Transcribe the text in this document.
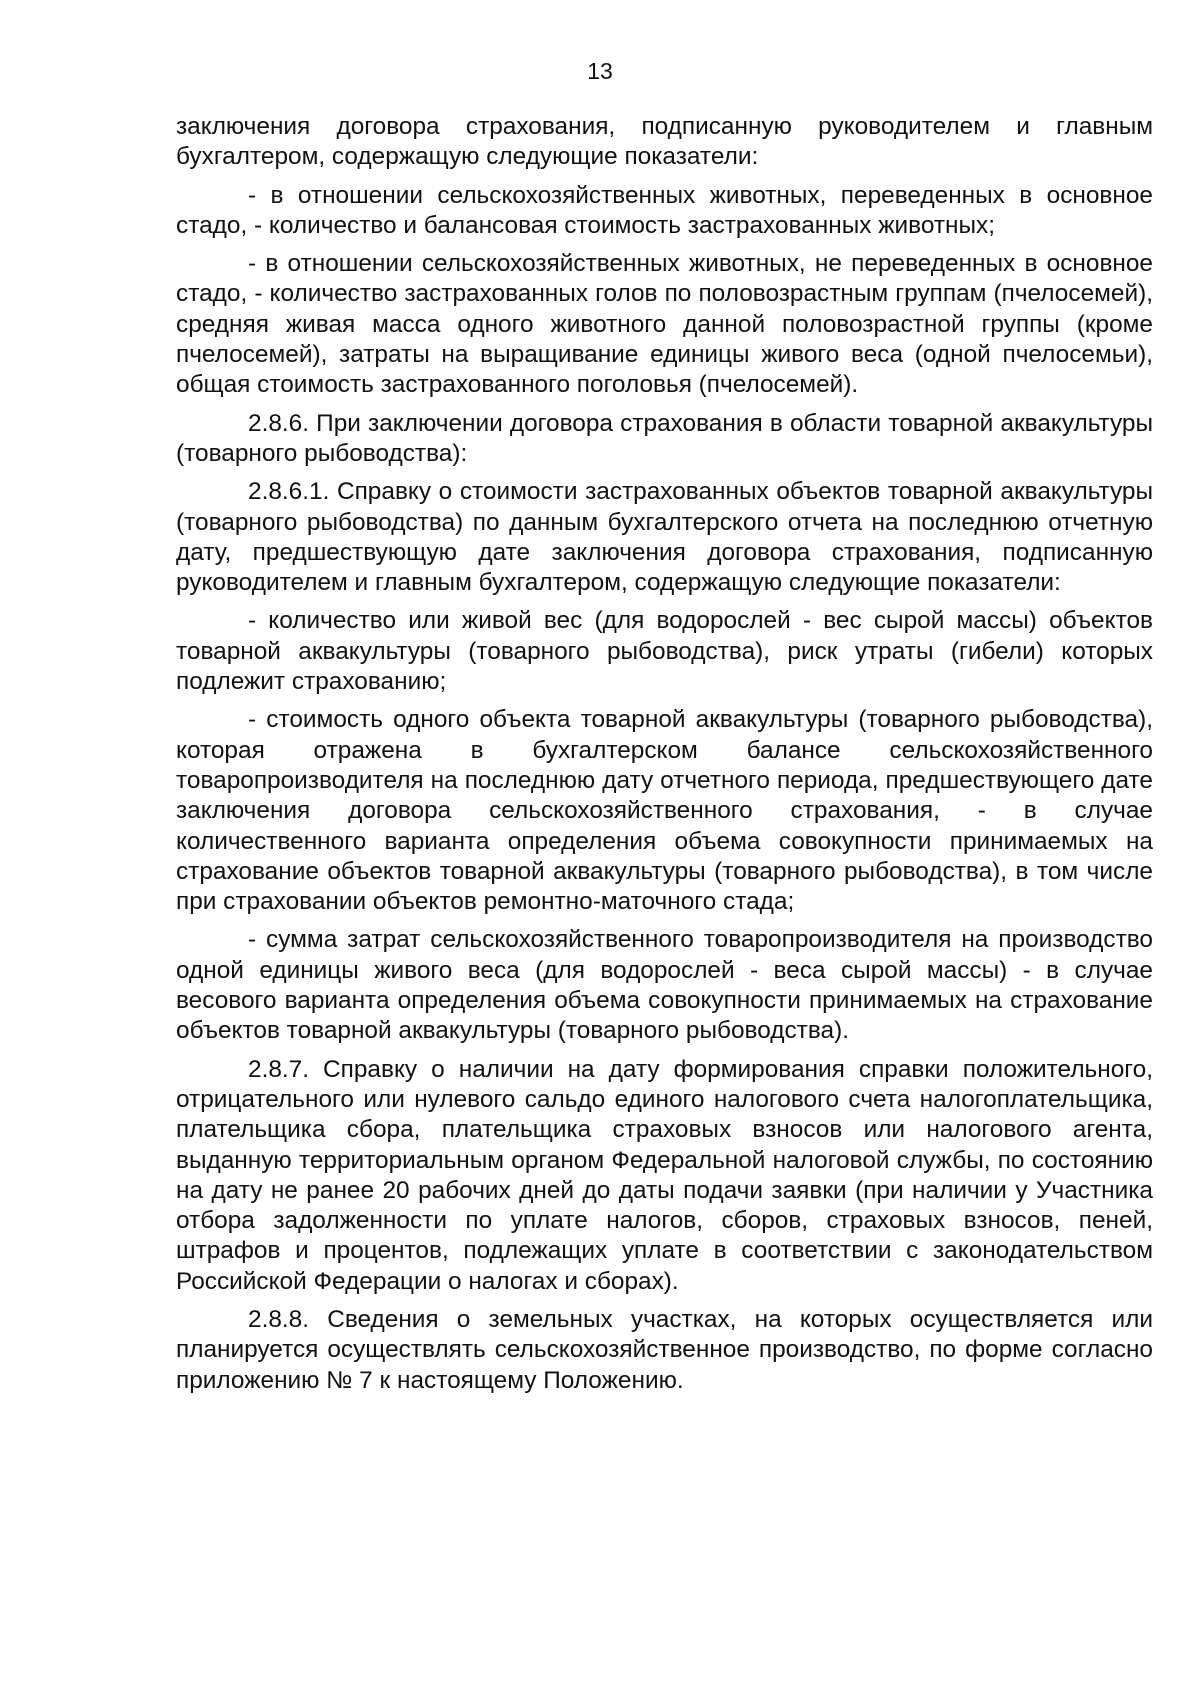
13

заключения договора страхования, подписанную руководителем и главным бухгалтером, содержащую следующие показатели:

- в отношении сельскохозяйственных животных, переведенных в основное стадо, - количество и балансовая стоимость застрахованных животных;

- в отношении сельскохозяйственных животных, не переведенных в основное стадо, - количество застрахованных голов по половозрастным группам (пчелосемей), средняя живая масса одного животного данной половозрастной группы (кроме пчелосемей), затраты на выращивание единицы живого веса (одной пчелосемьи), общая стоимость застрахованного поголовья (пчелосемей).

2.8.6. При заключении договора страхования в области товарной аквакультуры (товарного рыбоводства):

2.8.6.1. Справку о стоимости застрахованных объектов товарной аквакультуры (товарного рыбоводства) по данным бухгалтерского отчета на последнюю отчетную дату, предшествующую дате заключения договора страхования, подписанную руководителем и главным бухгалтером, содержащую следующие показатели:

- количество или живой вес (для водорослей - вес сырой массы) объектов товарной аквакультуры (товарного рыбоводства), риск утраты (гибели) которых подлежит страхованию;

- стоимость одного объекта товарной аквакультуры (товарного рыбоводства), которая отражена в бухгалтерском балансе сельскохозяйственного товаропроизводителя на последнюю дату отчетного периода, предшествующего дате заключения договора сельскохозяйственного страхования, - в случае количественного варианта определения объема совокупности принимаемых на страхование объектов товарной аквакультуры (товарного рыбоводства), в том числе при страховании объектов ремонтно-маточного стада;

- сумма затрат сельскохозяйственного товаропроизводителя на производство одной единицы живого веса (для водорослей - веса сырой массы) - в случае весового варианта определения объема совокупности принимаемых на страхование объектов товарной аквакультуры (товарного рыбоводства).

2.8.7. Справку о наличии на дату формирования справки положительного, отрицательного или нулевого сальдо единого налогового счета налогоплательщика, плательщика сбора, плательщика страховых взносов или налогового агента, выданную территориальным органом Федеральной налоговой службы, по состоянию на дату не ранее 20 рабочих дней до даты подачи заявки (при наличии у Участника отбора задолженности по уплате налогов, сборов, страховых взносов, пеней, штрафов и процентов, подлежащих уплате в соответствии с законодательством Российской Федерации о налогах и сборах).

2.8.8. Сведения о земельных участках, на которых осуществляется или планируется осуществлять сельскохозяйственное производство, по форме согласно приложению № 7 к настоящему Положению.
